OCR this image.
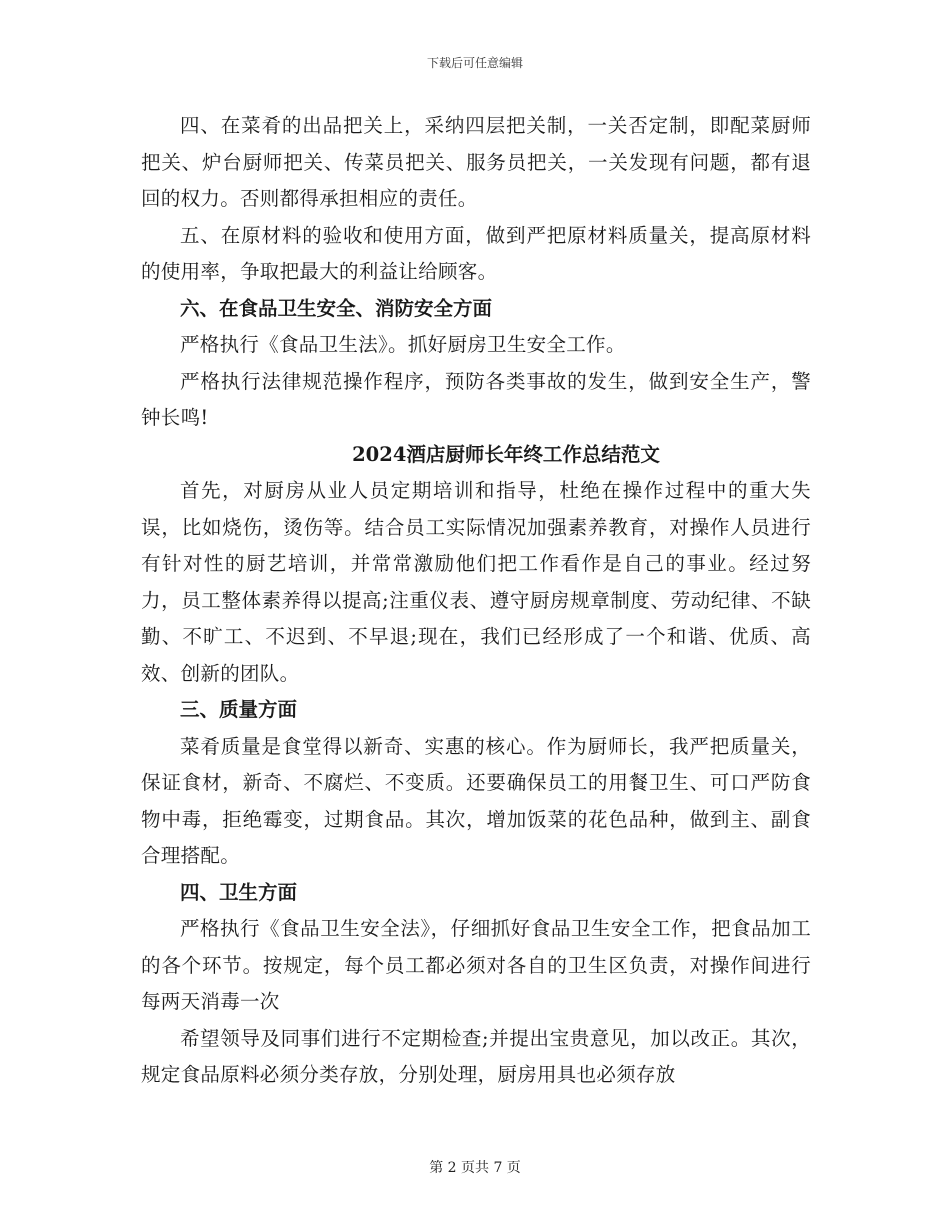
下载后可任意编辑

四、在菜肴的出品把关上，采纳四层把关制，一关否定制，即配菜厨师把关、炉台厨师把关、传菜员把关、服务员把关，一关发现有问题，都有退回的权力。否则都得承担相应的责任。

五、在原材料的验收和使用方面，做到严把原材料质量关，提高原材料的使用率，争取把最大的利益让给顾客。

六、在食品卫生安全、消防安全方面

严格执行《食品卫生法》。抓好厨房卫生安全工作。

严格执行法律规范操作程序，预防各类事故的发生，做到安全生产，警钟长鸣!

2024酒店厨师长年终工作总结范文

首先，对厨房从业人员定期培训和指导，杜绝在操作过程中的重大失误，比如烧伤，烫伤等。结合员工实际情况加强素养教育，对操作人员进行有针对性的厨艺培训，并常常激励他们把工作看作是自己的事业。经过努力，员工整体素养得以提高;注重仪表、遵守厨房规章制度、劳动纪律、不缺勤、不旷工、不迟到、不早退;现在，我们已经形成了一个和谐、优质、高效、创新的团队。

三、质量方面

菜肴质量是食堂得以新奇、实惠的核心。作为厨师长，我严把质量关，保证食材，新奇、不腐烂、不变质。还要确保员工的用餐卫生、可口严防食物中毒，拒绝霉变，过期食品。其次，增加饭菜的花色品种，做到主、副食合理搭配。

四、卫生方面

严格执行《食品卫生安全法》，仔细抓好食品卫生安全工作，把食品加工的各个环节。按规定，每个员工都必须对各自的卫生区负责，对操作间进行每两天消毒一次

希望领导及同事们进行不定期检查;并提出宝贵意见，加以改正。其次，规定食品原料必须分类存放，分别处理，厨房用具也必须存放

第 2 页共 7 页
